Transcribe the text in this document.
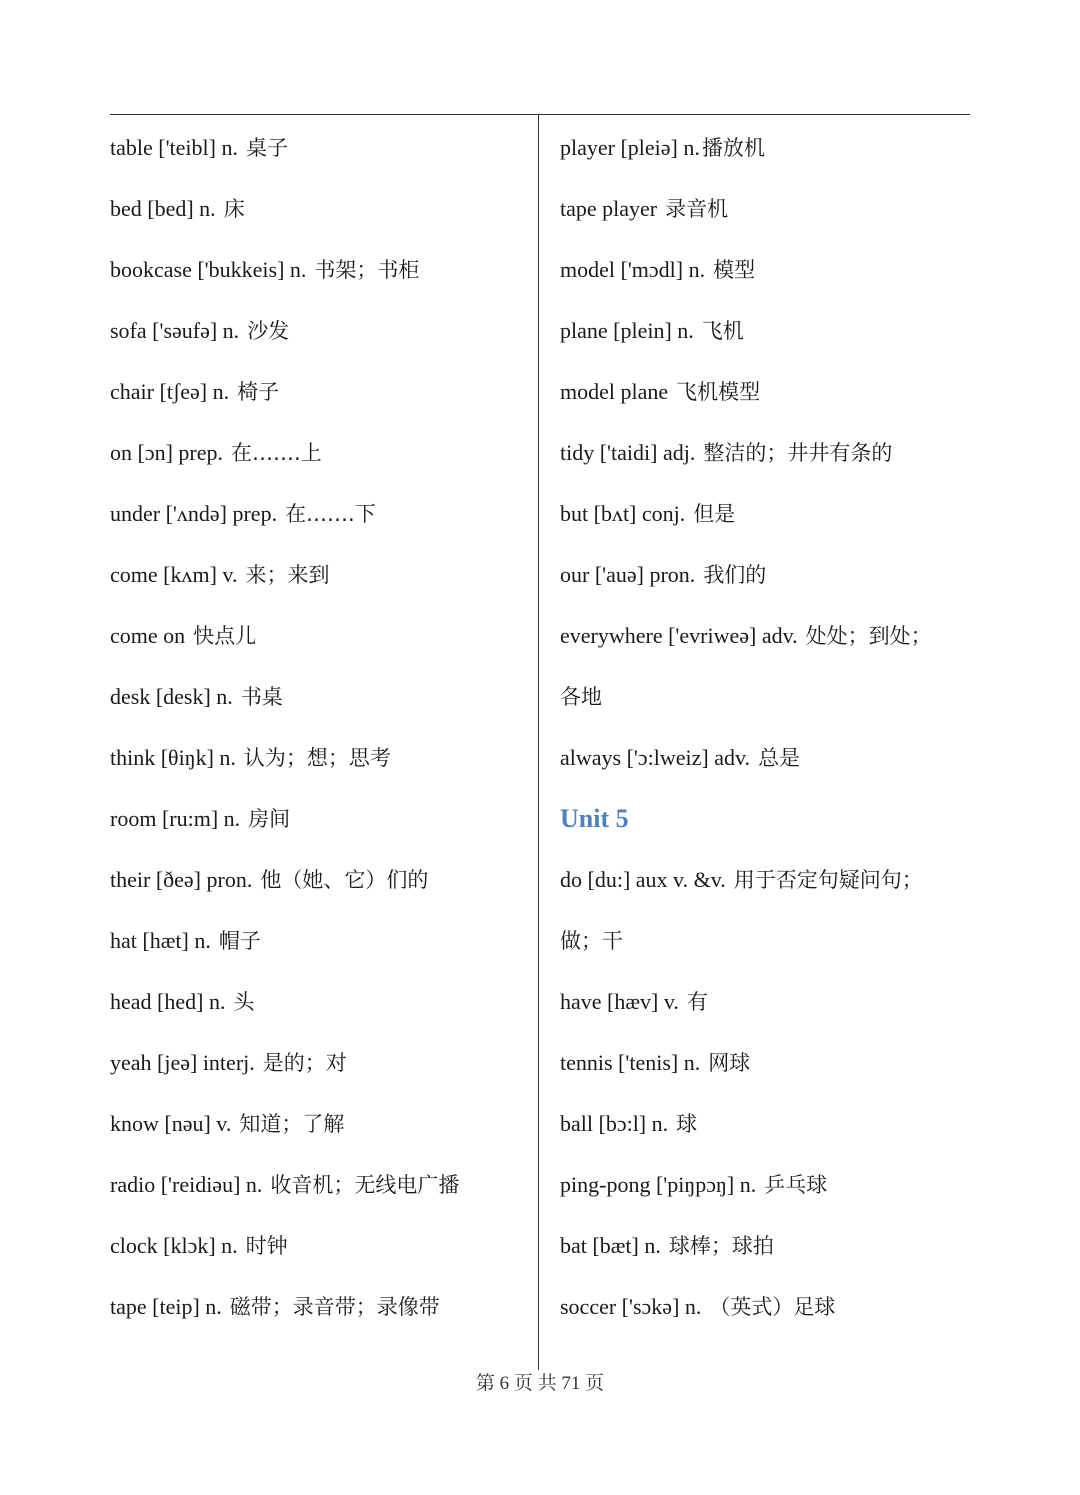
table ['teibl] n. 桌子
bed [bed] n. 床
bookcase ['bukkeis] n. 书架；书柜
sofa ['səufə] n. 沙发
chair [tʃeə] n. 椅子
on [ɔn] prep. 在…….上
under ['ʌndə] prep. 在…….下
come [kʌm] v. 来；来到
come on 快点儿
desk [desk] n. 书桌
think [θiŋk] n. 认为；想；思考
room [ru:m] n. 房间
their [ðeə] pron. 他（她、它）们的
hat [hæt] n. 帽子
head [hed] n. 头
yeah [jeə] interj. 是的；对
know [nəu] v. 知道；了解
radio ['reidiəu] n. 收音机；无线电广播
clock [klɔk] n. 时钟
tape [teip] n. 磁带；录音带；录像带
player [pleiə] n.播放机
tape player 录音机
model ['mɔdl] n. 模型
plane [plein] n. 飞机
model plane 飞机模型
tidy ['taidi] adj. 整洁的；井井有条的
but [bʌt] conj. 但是
our ['auə] pron. 我们的
everywhere ['evriweə] adv. 处处；到处；
各地
always ['ɔ:lweiz] adv. 总是
Unit 5
do [du:] aux v. &v. 用于否定句疑问句；
做；干
have [hæv] v. 有
tennis ['tenis] n. 网球
ball [bɔ:l] n. 球
ping-pong ['piŋpɔŋ] n. 乒乓球
bat [bæt] n. 球棒；球拍
soccer ['sɔkə] n. （英式）足球
第 6 页 共 71 页
